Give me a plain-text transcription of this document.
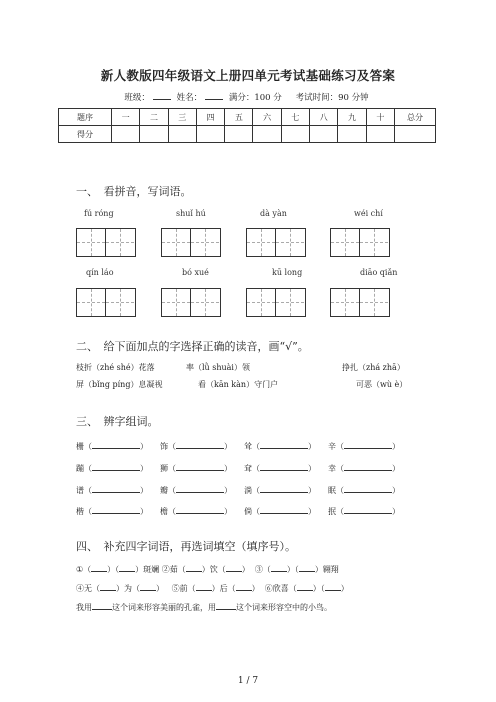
新人教版四年级语文上册四单元考试基础练习及答案
班级：	姓名：	满分：100 分 考试时间：90 分钟
题序	一	二	三	四	五	六	七	八	九	十	总分
得分											
一、　看拼音，写词语。
fú róng	shuǐ hú	dà yàn	wéi chí
qín láo	bó xué	kū long	diāo qiǎn
二、　给下面加点的字选择正确的读音，画“√”。
枝折（zhé shé）花落	率（lǜ shuài）领	挣扎（zhá zhā）
屏（bǐng píng）息凝视	看（kān kàn）守门户	可恶（wù è）
三、　辨字组词。
栅（	） 饰（	） 耸（	） 辛（	）
蹦（	） 狮（	） 耷（	） 幸（	）
谱（	） 瓣（	） 淌（	） 眠（	）
楷（	） 檐（	） 倘（	） 抿（	）
四、　补充四字词语，再选词填空（填序号）。
①（ ）（ ）斑斓 ②茹（ ）饮（ ） ③（ ）（ ）翱翔
④无（ ）为（ ） ⑤前（ ）后（ ） ⑥欣喜（ ）（ ）
我用	这个词来形容美丽的孔雀，用	这个词来形容空中的小鸟。
1 / 7
